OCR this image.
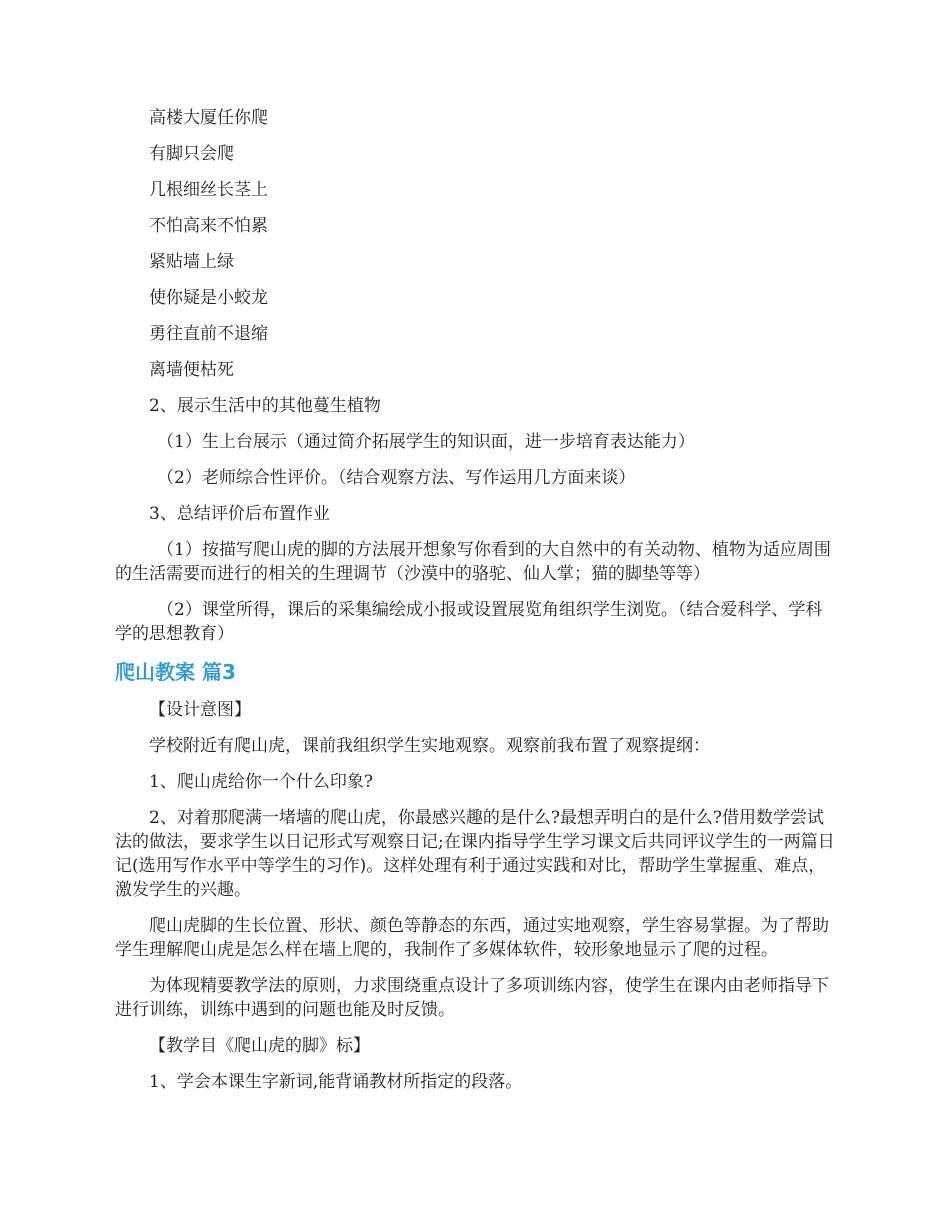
高楼大厦任你爬

有脚只会爬

几根细丝长茎上

不怕高来不怕累

紧贴墙上绿

使你疑是小蛟龙

勇往直前不退缩

离墙便枯死

2、展示生活中的其他蔓生植物

（1）生上台展示（通过简介拓展学生的知识面，进一步培育表达能力）

（2）老师综合性评价。（结合观察方法、写作运用几方面来谈）

3、总结评价后布置作业

（1）按描写爬山虎的脚的方法展开想象写你看到的大自然中的有关动物、植物为适应周围的生活需要而进行的相关的生理调节（沙漠中的骆驼、仙人掌；猫的脚垫等等）

（2）课堂所得，课后的采集编绘成小报或设置展览角组织学生浏览。（结合爱科学、学科学的思想教育）

爬山教案 篇3

【设计意图】

学校附近有爬山虎，课前我组织学生实地观察。观察前我布置了观察提纲：

1、爬山虎给你一个什么印象?

2、对着那爬满一堵墙的爬山虎，你最感兴趣的是什么?最想弄明白的是什么?借用数学尝试法的做法，要求学生以日记形式写观察日记;在课内指导学生学习课文后共同评议学生的一两篇日记(选用写作水平中等学生的习作)。这样处理有利于通过实践和对比，帮助学生掌握重、难点，激发学生的兴趣。

爬山虎脚的生长位置、形状、颜色等静态的东西，通过实地观察，学生容易掌握。为了帮助学生理解爬山虎是怎么样在墙上爬的，我制作了多媒体软件，较形象地显示了爬的过程。

为体现精要教学法的原则，力求围绕重点设计了多项训练内容，使学生在课内由老师指导下进行训练，训练中遇到的问题也能及时反馈。

【教学目《爬山虎的脚》标】

1、学会本课生字新词,能背诵教材所指定的段落。
